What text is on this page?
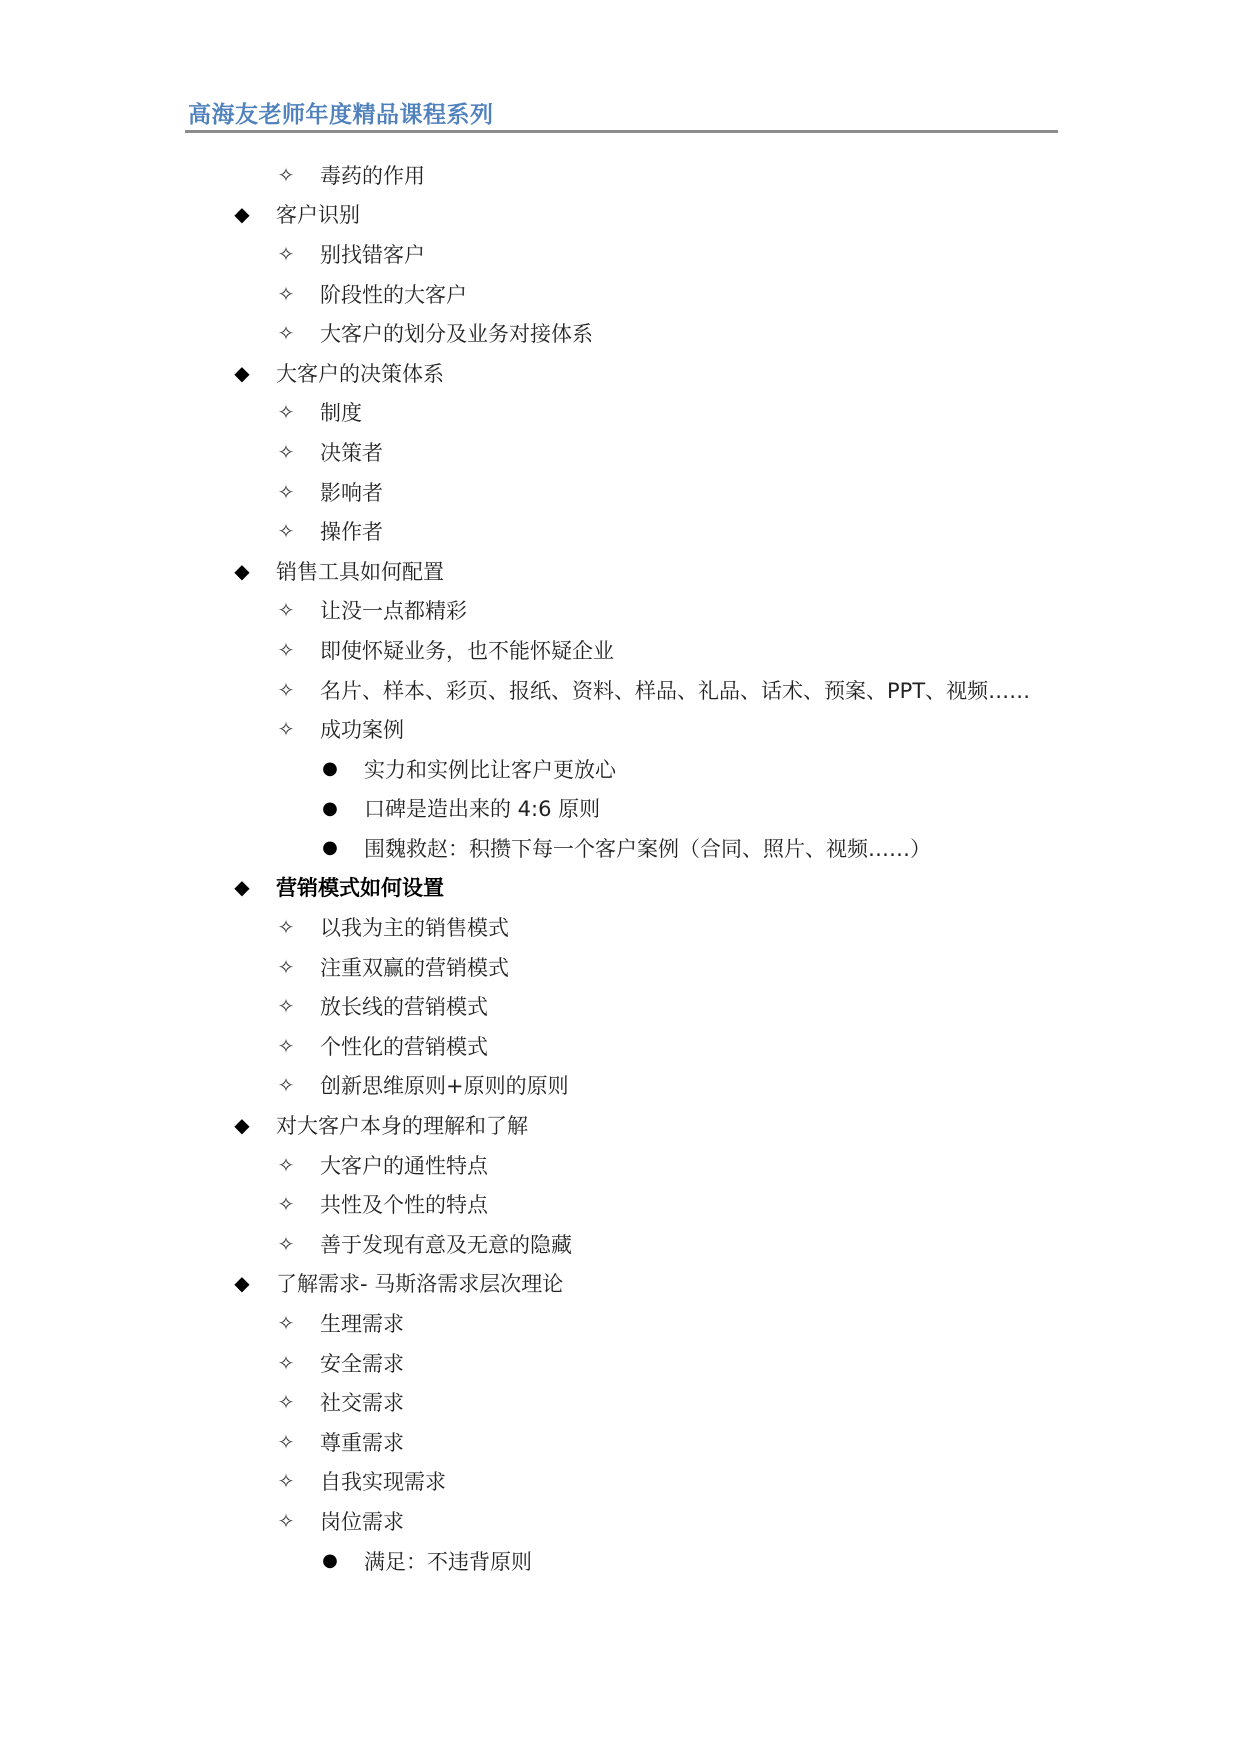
高海友老师年度精品课程系列
✧ 毒药的作用
◆ 客户识别
✧ 别找错客户
✧ 阶段性的大客户
✧ 大客户的划分及业务对接体系
◆ 大客户的决策体系
✧ 制度
✧ 决策者
✧ 影响者
✧ 操作者
◆ 销售工具如何配置
✧ 让没一点都精彩
✧ 即使怀疑业务，也不能怀疑企业
✧ 名片、样本、彩页、报纸、资料、样品、礼品、话术、预案、PPT、视频……
✧ 成功案例
● 实力和实例比让客户更放心
● 口碑是造出来的 4:6 原则
● 围魏救赵：积攒下每一个客户案例（合同、照片、视频……）
◆ 营销模式如何设置
✧ 以我为主的销售模式
✧ 注重双赢的营销模式
✧ 放长线的营销模式
✧ 个性化的营销模式
✧ 创新思维原则+原则的原则
◆ 对大客户本身的理解和了解
✧ 大客户的通性特点
✧ 共性及个性的特点
✧ 善于发现有意及无意的隐藏
◆ 了解需求- 马斯洛需求层次理论
✧ 生理需求
✧ 安全需求
✧ 社交需求
✧ 尊重需求
✧ 自我实现需求
✧ 岗位需求
● 满足：不违背原则
